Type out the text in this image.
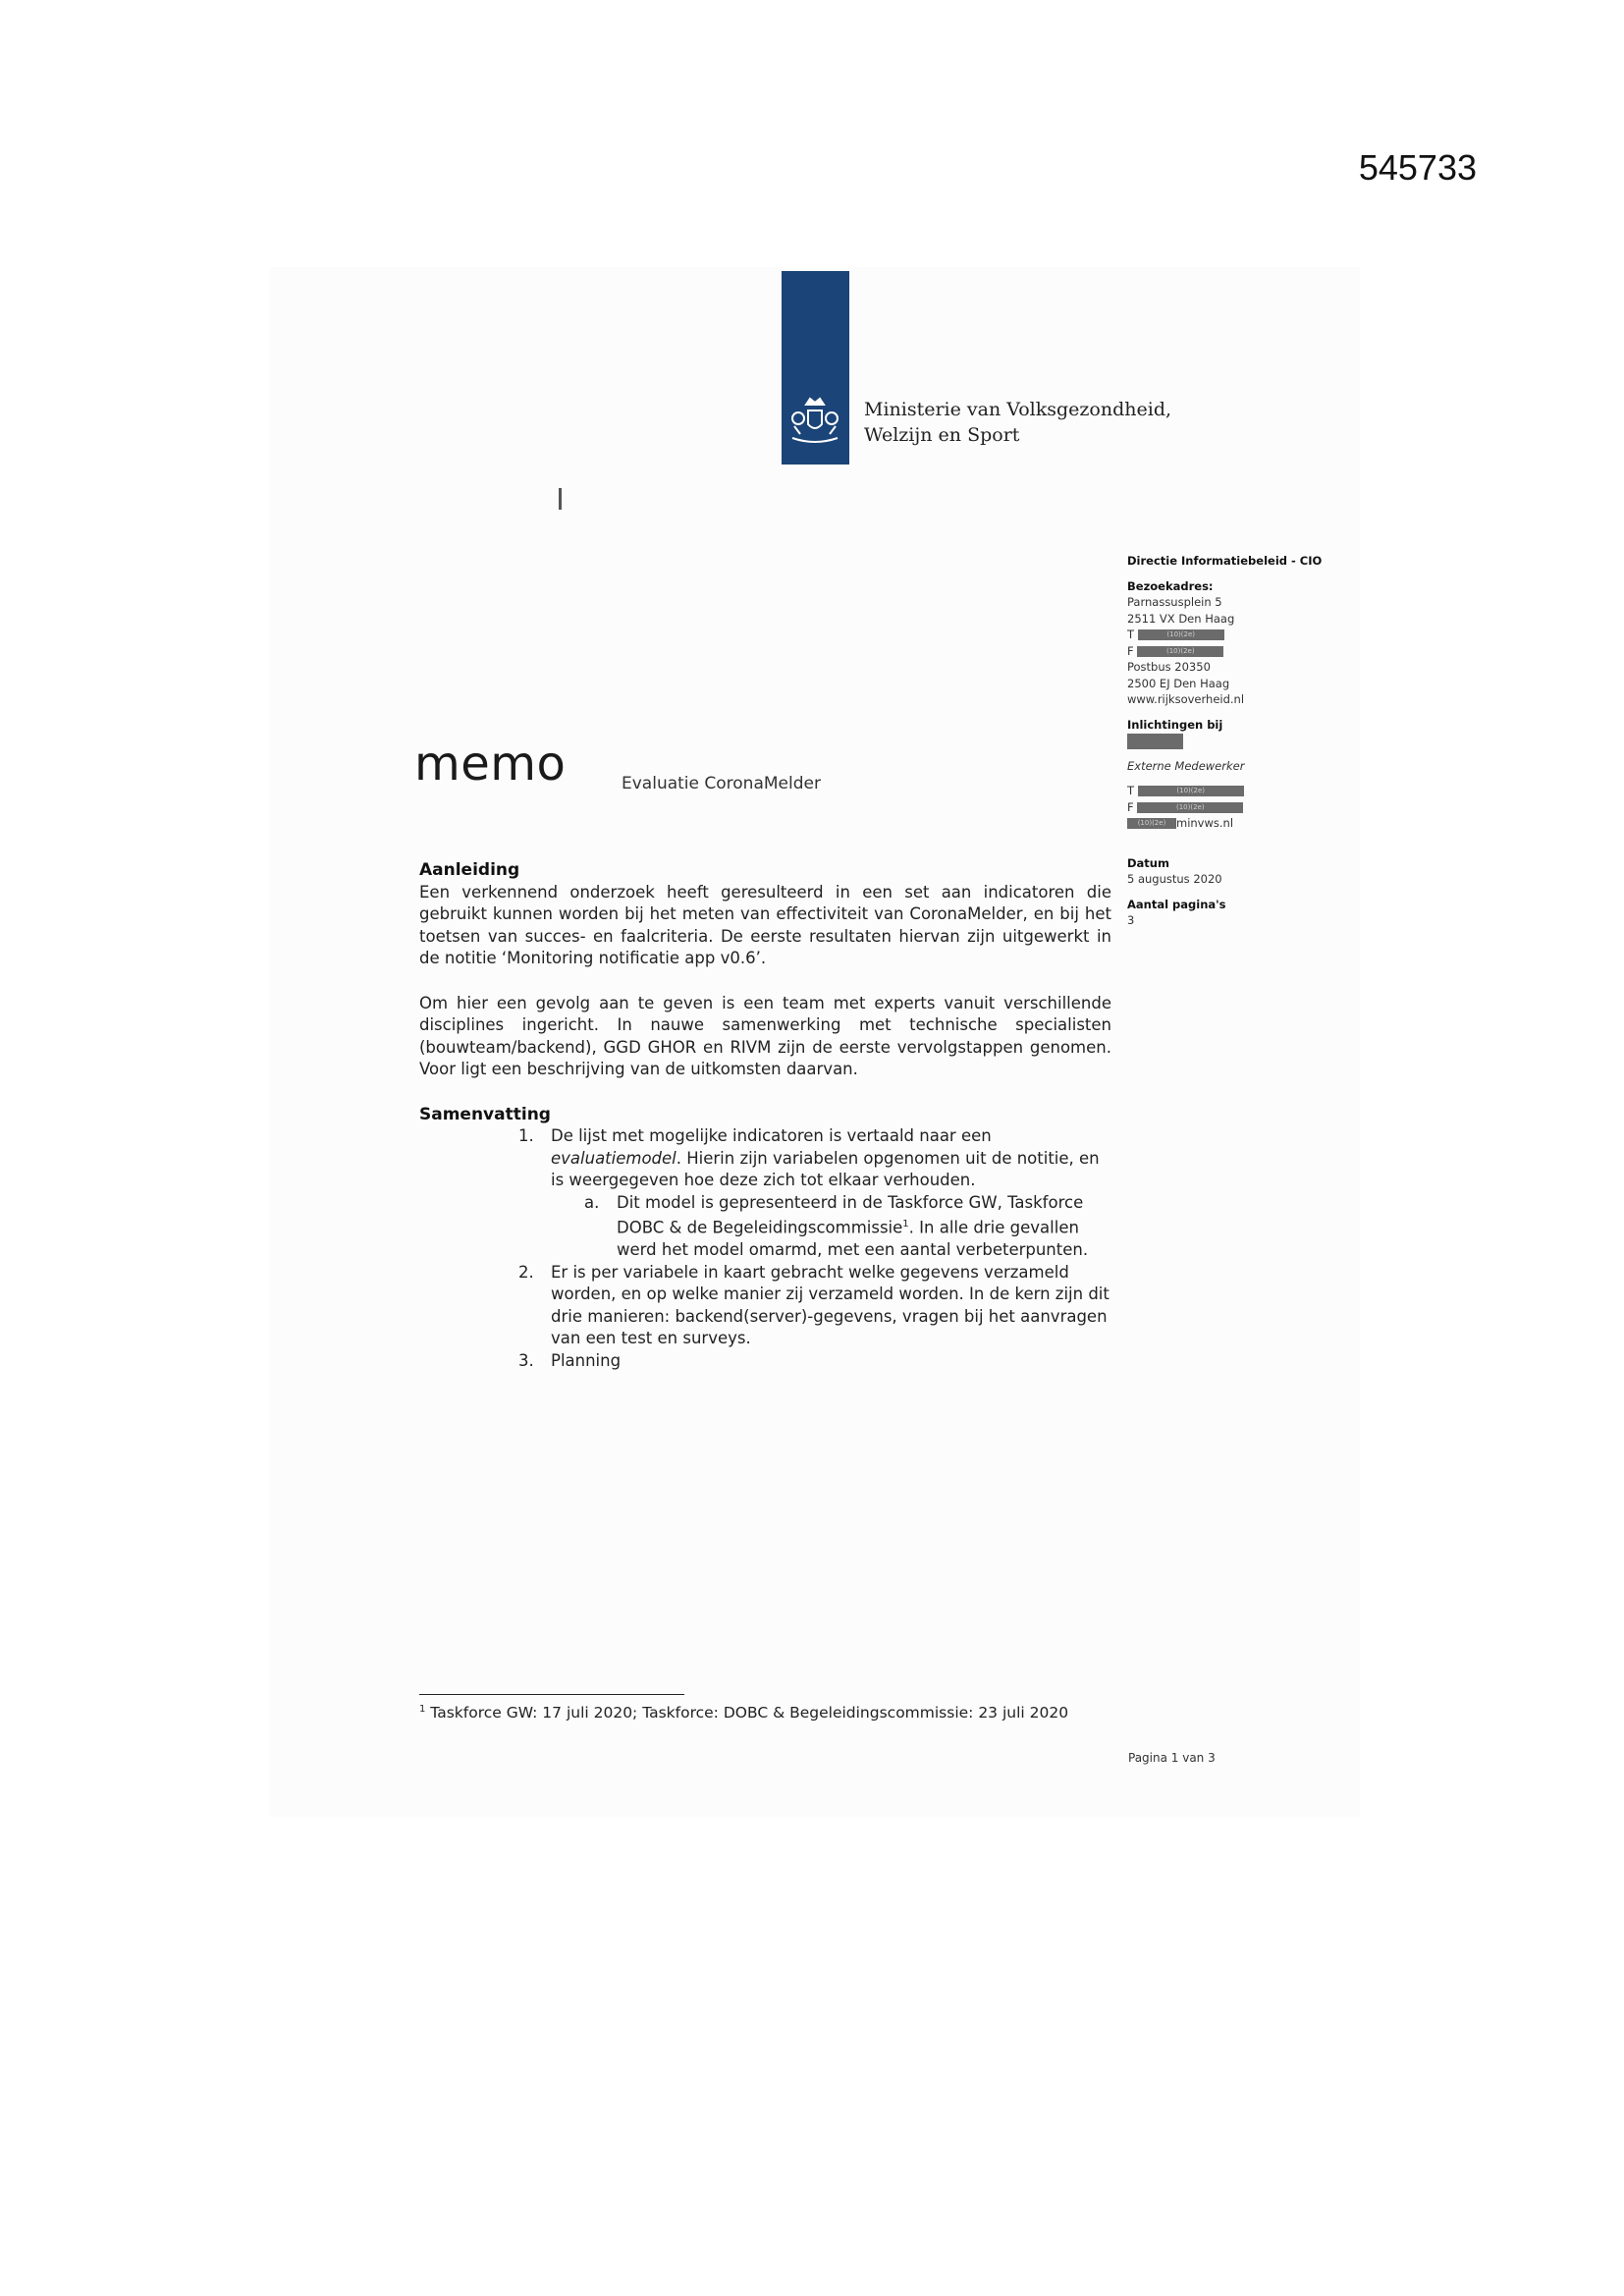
545733
Ministerie van Volksgezondheid,
Welzijn en Sport
Directie Informatiebeleid - CIO
Bezoekadres:
Parnassusplein 5
2511 VX Den Haag
T	(10)(2e)
F	(10)(2e)
Postbus 20350
2500 EJ Den Haag
www.rijksoverheid.nl
Inlichtingen bij
Externe Medewerker
T	(10)(2e)
F	(10)(2e)
(10)(2e) minvws.nl
Datum
5 augustus 2020
Aantal pagina's
3
memo	Evaluatie CoronaMelder
Aanleiding
Een verkennend onderzoek heeft geresulteerd in een set aan indicatoren die gebruikt kunnen worden bij het meten van effectiviteit van CoronaMelder, en bij het toetsen van succes- en faalcriteria. De eerste resultaten hiervan zijn uitgewerkt in de notitie ‘Monitoring notificatie app v0.6’.
Om hier een gevolg aan te geven is een team met experts vanuit verschillende disciplines ingericht. In nauwe samenwerking met technische specialisten (bouwteam/backend), GGD GHOR en RIVM zijn de eerste vervolgstappen genomen. Voor ligt een beschrijving van de uitkomsten daarvan.
Samenvatting
1. De lijst met mogelijke indicatoren is vertaald naar een evaluatiemodel. Hierin zijn variabelen opgenomen uit de notitie, en is weergegeven hoe deze zich tot elkaar verhouden.
a. Dit model is gepresenteerd in de Taskforce GW, Taskforce DOBC & de Begeleidingscommissie$^1$. In alle drie gevallen werd het model omarmd, met een aantal verbeterpunten.
2. Er is per variabele in kaart gebracht welke gegevens verzameld worden, en op welke manier zij verzameld worden. In de kern zijn dit drie manieren: backend(server)-gegevens, vragen bij het aanvragen van een test en surveys.
3. Planning
$^1$ Taskforce GW: 17 juli 2020; Taskforce: DOBC & Begeleidingscommissie: 23 juli 2020
Pagina 1 van 3
